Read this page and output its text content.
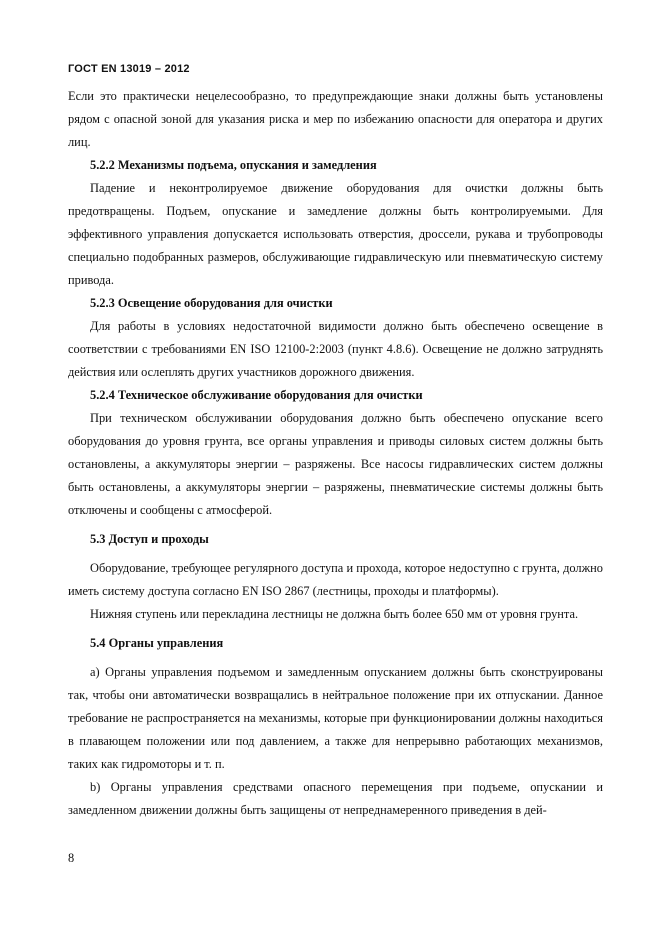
ГОСТ EN 13019 – 2012

Если это практически нецелесообразно, то предупреждающие знаки должны быть установлены рядом с опасной зоной для указания риска и мер по избежанию опасности для оператора и других лиц.

5.2.2 Механизмы подъема, опускания и замедления

Падение и неконтролируемое движение оборудования для очистки должны быть предотвращены. Подъем, опускание и замедление должны быть контролируемыми. Для эффективного управления допускается использовать отверстия, дроссели, рукава и трубопроводы специально подобранных размеров, обслуживающие гидравлическую или пневматическую систему привода.

5.2.3 Освещение оборудования для очистки

Для работы в условиях недостаточной видимости должно быть обеспечено освещение в соответствии с требованиями EN ISO 12100-2:2003 (пункт 4.8.6). Освещение не должно затруднять действия или ослеплять других участников дорожного движения.

5.2.4 Техническое обслуживание оборудования для очистки

При техническом обслуживании оборудования должно быть обеспечено опускание всего оборудования до уровня грунта, все органы управления и приводы силовых систем должны быть остановлены, а аккумуляторы энергии – разряжены. Все насосы гидравлических систем должны быть остановлены, а аккумуляторы энергии – разряжены, пневматические системы должны быть отключены и сообщены с атмосферой.

5.3 Доступ и проходы

Оборудование, требующее регулярного доступа и прохода, которое недоступно с грунта, должно иметь систему доступа согласно EN ISO 2867 (лестницы, проходы и платформы).

Нижняя ступень или перекладина лестницы не должна быть более 650 мм от уровня грунта.

5.4 Органы управления

a) Органы управления подъемом и замедленным опусканием должны быть сконструированы так, чтобы они автоматически возвращались в нейтральное положение при их отпускании. Данное требование не распространяется на механизмы, которые при функционировании должны находиться в плавающем положении или под давлением, а также для непрерывно работающих механизмов, таких как гидромоторы и т. п.

b) Органы управления средствами опасного перемещения при подъеме, опускании и замедленном движении должны быть защищены от непреднамеренного приведения в дей-

8
